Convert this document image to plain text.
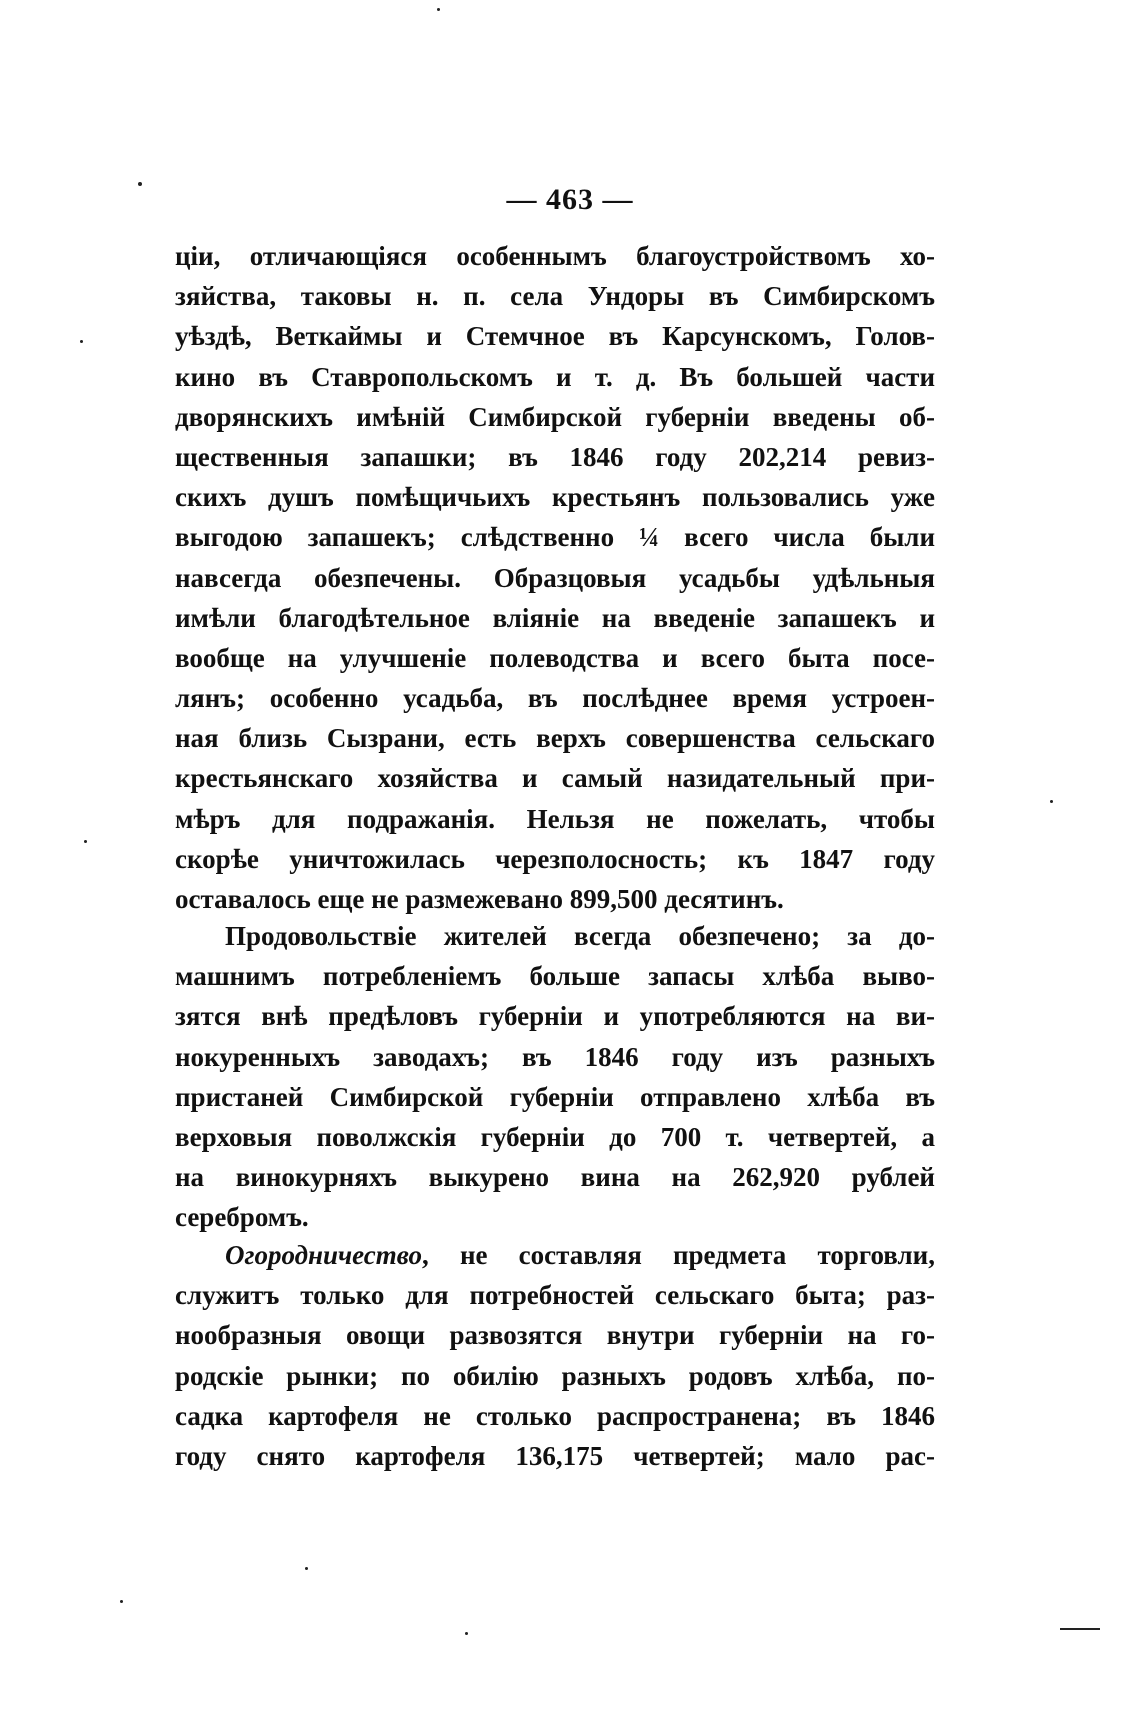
— 463 —
цiи, отличающiяся особеннымъ благоустройствомъ хо-
зяйства, таковы н. п. села Ундоры въ Симбирскомъ
уѣздѣ, Веткаймы и Стемчное въ Карсунскомъ, Голов-
кино въ Ставропольскомъ и т. д. Въ большей части
дворянскихъ имѣнiй Симбирской губернiи введены об-
щественныя запашки; въ 1846 году 202,214 ревиз-
скихъ душъ помѣщичьихъ крестьянъ пользовались уже
выгодою запашекъ; слѣдственно ¼ всего числа были
навсегда обезпечены. Образцовыя усадьбы удѣльныя
имѣли благодѣтельное влiянiе на введенiе запашекъ и
вообще на улучшенiе полеводства и всего быта посе-
лянъ; особенно усадьба, въ послѣднее время устроен-
ная близь Сызрани, есть верхъ совершенства сельскаго
крестьянскаго хозяйства и самый назидательный при-
мѣръ для подражанiя. Нельзя не пожелать, чтобы
скорѣе уничтожилась черезполосность; къ 1847 году
оставалось еще не размежевано 899,500 десятинъ.
Продовольствiе жителей всегда обезпечено; за до-
машнимъ потребленiемъ больше запасы хлѣба выво-
зятся внѣ предѣловъ губернiи и употребляются на ви-
нокуренныхъ заводахъ; въ 1846 году изъ разныхъ
пристаней Симбирской губернiи отправлено хлѣба въ
верховыя поволжскiя губернiи до 700 т. четвертей, а
на винокурняхъ выкурено вина на 262,920 рублей
серебромъ.
Огородничество, не составляя предмета торговли,
служитъ только для потребностей сельскаго быта; раз-
нообразныя овощи развозятся внутри губернiи на го-
родскiе рынки; по обилiю разныхъ родовъ хлѣба, по-
садка картофеля не столько распространена; въ 1846
году снято картофеля 136,175 четвертей; мало рас-
